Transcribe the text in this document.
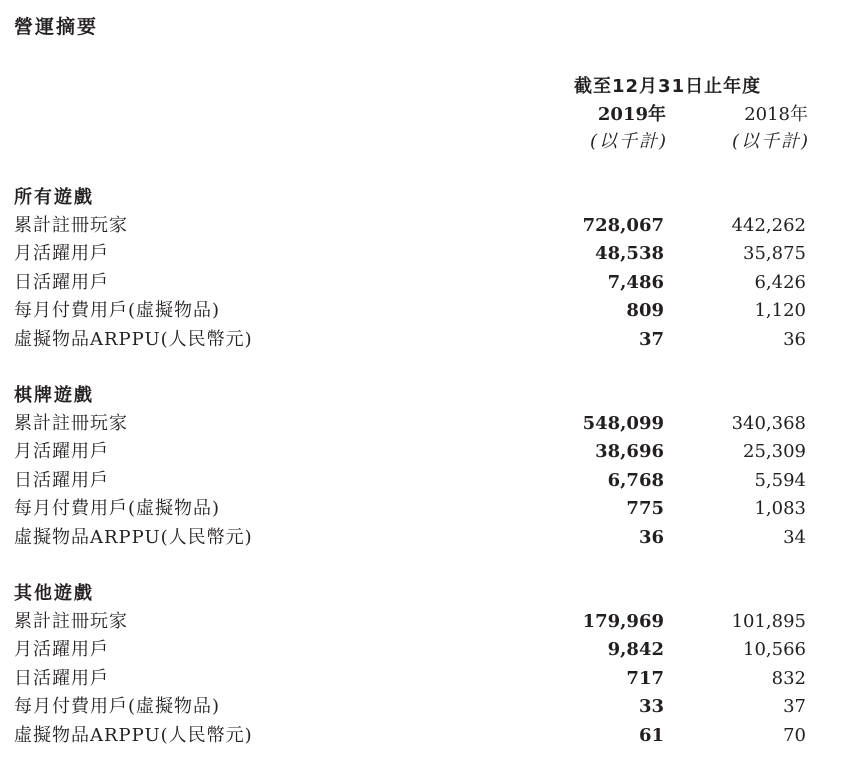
營運摘要
截至12月31日止年度
2019年	2018年
(以千計)	(以千計)
所有遊戲
累計註冊玩家	728,067	442,262
月活躍用戶	48,538	35,875
日活躍用戶	7,486	6,426
每月付費用戶(虛擬物品)	809	1,120
虛擬物品ARPPU(人民幣元)	37	36
棋牌遊戲
累計註冊玩家	548,099	340,368
月活躍用戶	38,696	25,309
日活躍用戶	6,768	5,594
每月付費用戶(虛擬物品)	775	1,083
虛擬物品ARPPU(人民幣元)	36	34
其他遊戲
累計註冊玩家	179,969	101,895
月活躍用戶	9,842	10,566
日活躍用戶	717	832
每月付費用戶(虛擬物品)	33	37
虛擬物品ARPPU(人民幣元)	61	70
